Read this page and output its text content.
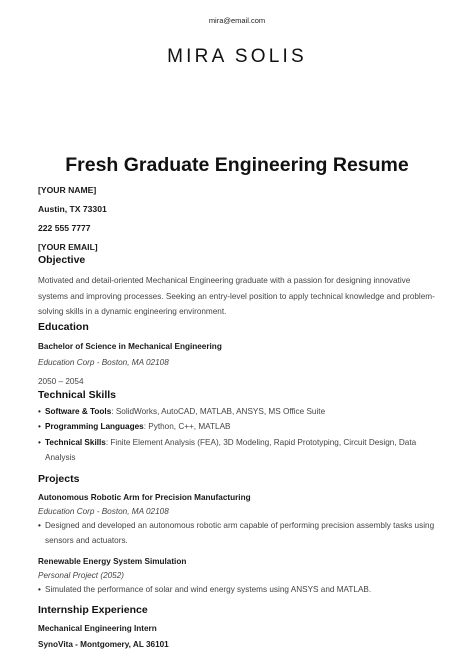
mira@email.com
MIRA SOLIS
Fresh Graduate Engineering Resume
[YOUR NAME]
Austin, TX 73301
222 555 7777
[YOUR EMAIL]
Objective
Motivated and detail-oriented Mechanical Engineering graduate with a passion for designing innovative systems and improving processes. Seeking an entry-level position to apply technical knowledge and problem-solving skills in a dynamic engineering environment.
Education
Bachelor of Science in Mechanical Engineering
Education Corp - Boston, MA 02108
2050 – 2054
Technical Skills
• Software & Tools: SolidWorks, AutoCAD, MATLAB, ANSYS, MS Office Suite
• Programming Languages: Python, C++, MATLAB
• Technical Skills: Finite Element Analysis (FEA), 3D Modeling, Rapid Prototyping, Circuit Design, Data Analysis
Projects
Autonomous Robotic Arm for Precision Manufacturing
Education Corp - Boston, MA 02108
• Designed and developed an autonomous robotic arm capable of performing precision assembly tasks using sensors and actuators.
Renewable Energy System Simulation
Personal Project (2052)
• Simulated the performance of solar and wind energy systems using ANSYS and MATLAB.
Internship Experience
Mechanical Engineering Intern
SynoVita - Montgomery, AL 36101
